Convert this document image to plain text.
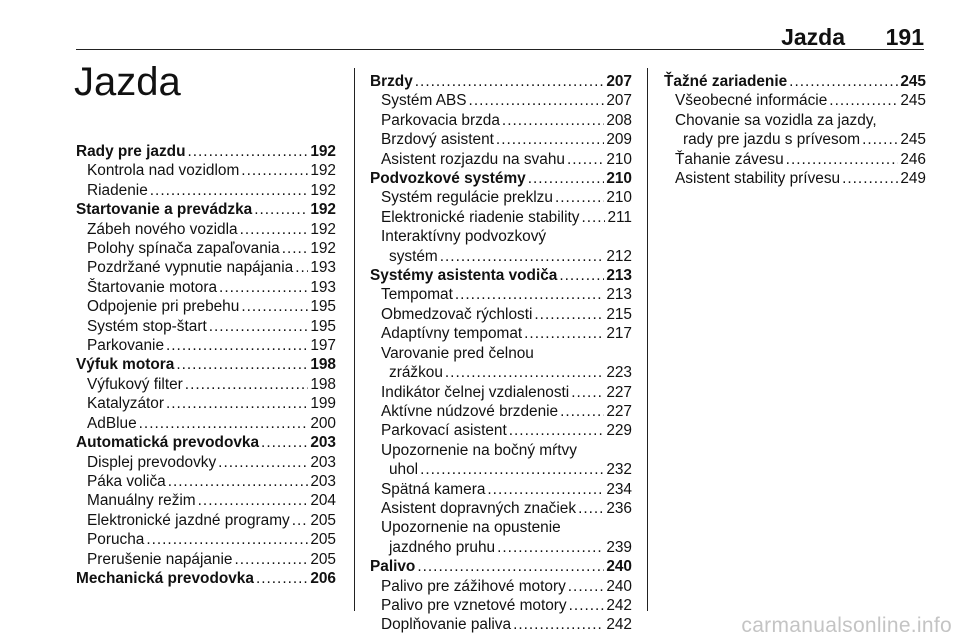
Jazda 191
Jazda
Rady pre jazdu .....	192
Kontrola nad vozidlom .....	192
Riadenie .....	192
Startovanie a prevádzka .....	192
Zábeh nového vozidla .....	192
Polohy spínača zapaľovania ..... 192
Pozdržané vypnutie napájania ..... 193
Štartovanie motora .....	193
Odpojenie pri prebehu .....	195
Systém stop-štart .....	195
Parkovanie .....	197
Výfuk motora .....	198
Výfukový filter .....	198
Katalyzátor .....	199
AdBlue .....	200
Automatická prevodovka .....	203
Displej prevodovky .....	203
Páka voliča .....	203
Manuálny režim .....	204
Elektronické jazdné programy ..... 205
Porucha .....	205
Prerušenie napájanie .....	205
Mechanická prevodovka .....	206
Brzdy .....	207
Systém ABS .....	207
Parkovacia brzda .....	208
Brzdový asistent .....	209
Asistent rozjazdu na svahu .....	210
Podvozkové systémy .....	210
Systém regulácie preklzu .....	210
Elektronické riadenie stability ..... 211
Interaktívny podvozkový
systém .....	212
Systémy asistenta vodiča .....	213
Tempomat .....	213
Obmedzovač rýchlosti .....	215
Adaptívny tempomat .....	217
Varovanie pred čelnou
zrážkou .....	223
Indikátor čelnej vzdialenosti ..... 227
Aktívne núdzové brzdenie .....	227
Parkovací asistent .....	229
Upozornenie na bočný mŕtvy
uhol .....	232
Spätná kamera .....	234
Asistent dopravných značiek ..... 236
Upozornenie na opustenie
jazdného pruhu .....	239
Palivo .....	240
Palivo pre zážihové motory .....	240
Palivo pre vznetové motory .....	242
Doplňovanie paliva .....	242
Ťažné zariadenie .....	245
Všeobecné informácie .....	245
Chovanie sa vozidla za jazdy,
rady pre jazdu s prívesom .....	245
Ťahanie závesu .....	246
Asistent stability prívesu .....	249
carmanualsonline.info
